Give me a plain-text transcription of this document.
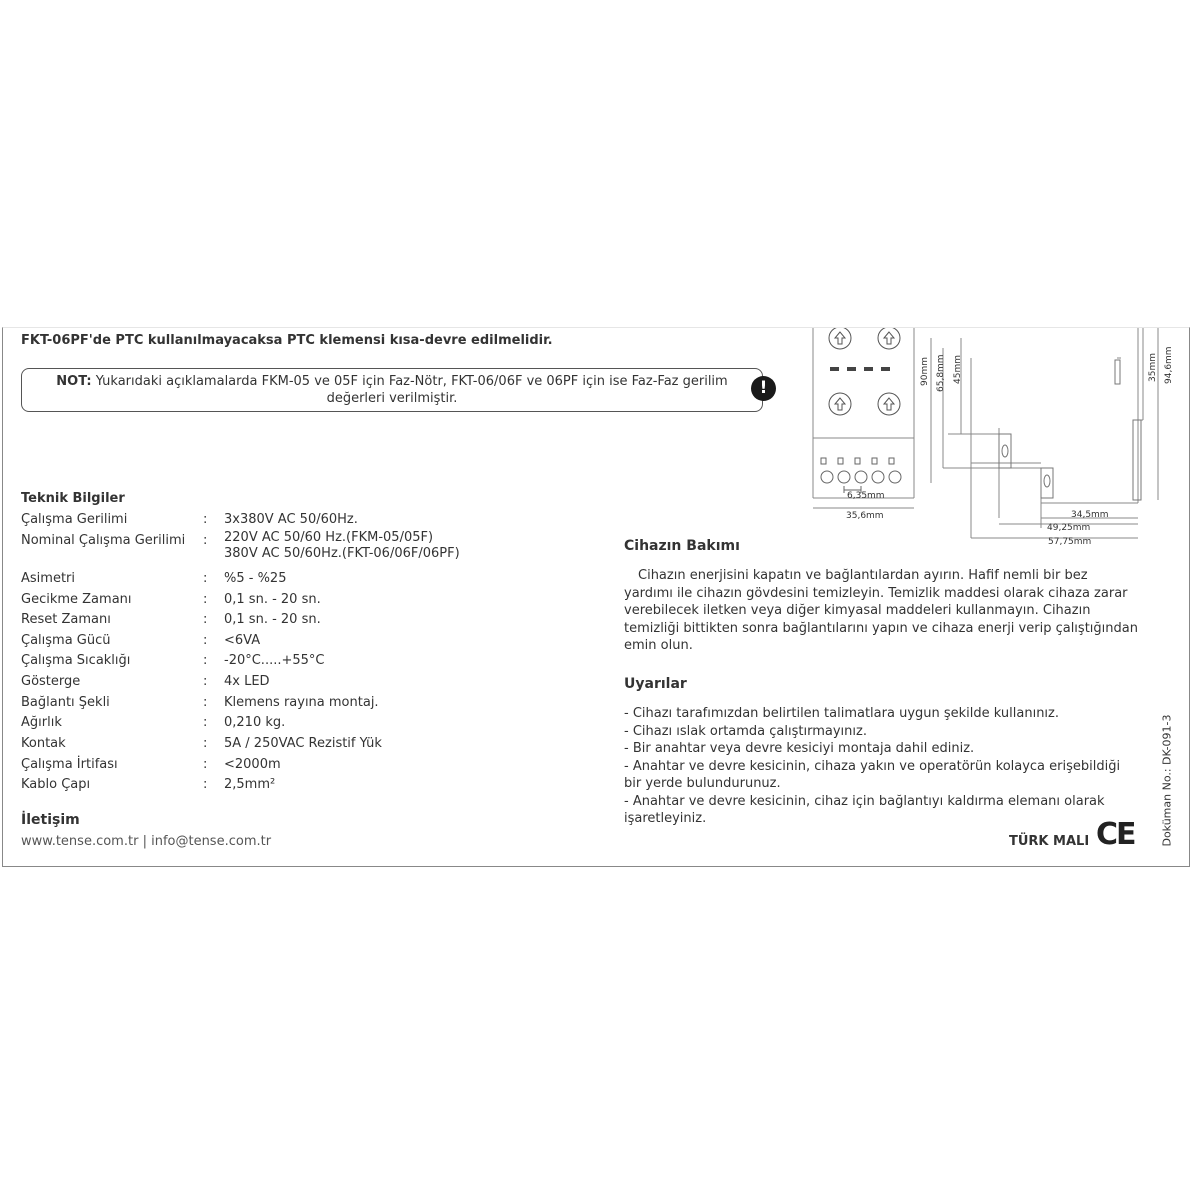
FKT-06PF'de PTC kullanılmayacaksa PTC klemensi kısa-devre edilmelidir.
NOT: Yukarıdaki açıklamalarda FKM-05 ve 05F için Faz-Nötr, FKT-06/06F ve 06PF için ise Faz-Faz gerilim değerleri verilmiştir.
!
Teknik Bilgiler
Çalışma Gerilimi	: 3x380V AC 50/60Hz.
Nominal Çalışma Gerilimi : 220V AC 50/60 Hz.(FKM-05/05F)
380V AC 50/60Hz.(FKT-06/06F/06PF)
Asimetri	: %5 - %25
Gecikme Zamanı	: 0,1 sn. - 20 sn.
Reset Zamanı	: 0,1 sn. - 20 sn.
Çalışma Gücü	: <6VA
Çalışma Sıcaklığı	: -20°C.....+55°C
Gösterge	: 4x LED
Bağlantı Şekli	: Klemens rayına montaj.
Ağırlık	: 0,210 kg.
Kontak	: 5A / 250VAC Rezistif Yük
Çalışma İrtifası	: <2000m
Kablo Çapı	: 2,5mm²
İletişim
www.tense.com.tr | info@tense.com.tr
Cihazın Bakımı
Cihazın enerjisini kapatın ve bağlantılardan ayırın. Hafif nemli bir bez yardımı ile cihazın gövdesini temizleyin. Temizlik maddesi olarak cihaza zarar verebilecek iletken veya diğer kimyasal maddeleri kullanmayın. Cihazın temizliği bittikten sonra bağlantılarını yapın ve cihaza enerji verip çalıştığından emin olun.
Uyarılar
- Cihazı tarafımızdan belirtilen talimatlara uygun şekilde kullanınız.
- Cihazı ıslak ortamda çalıştırmayınız.
- Bir anahtar veya devre kesiciyi montaja dahil ediniz.
- Anahtar ve devre kesicinin, cihaza yakın ve operatörün kolayca erişebildiği bir yerde bulundurunuz.
- Anahtar ve devre kesicinin, cihaz için bağlantıyı kaldırma elemanı olarak işaretleyiniz.
TÜRK MALI CE Doküman No.: DK-091-3
6,35mm
35,6mm	34,5mm
49,25mm
57,75mm
90mm 65,8mm 45mm	35mm 94,6mm
